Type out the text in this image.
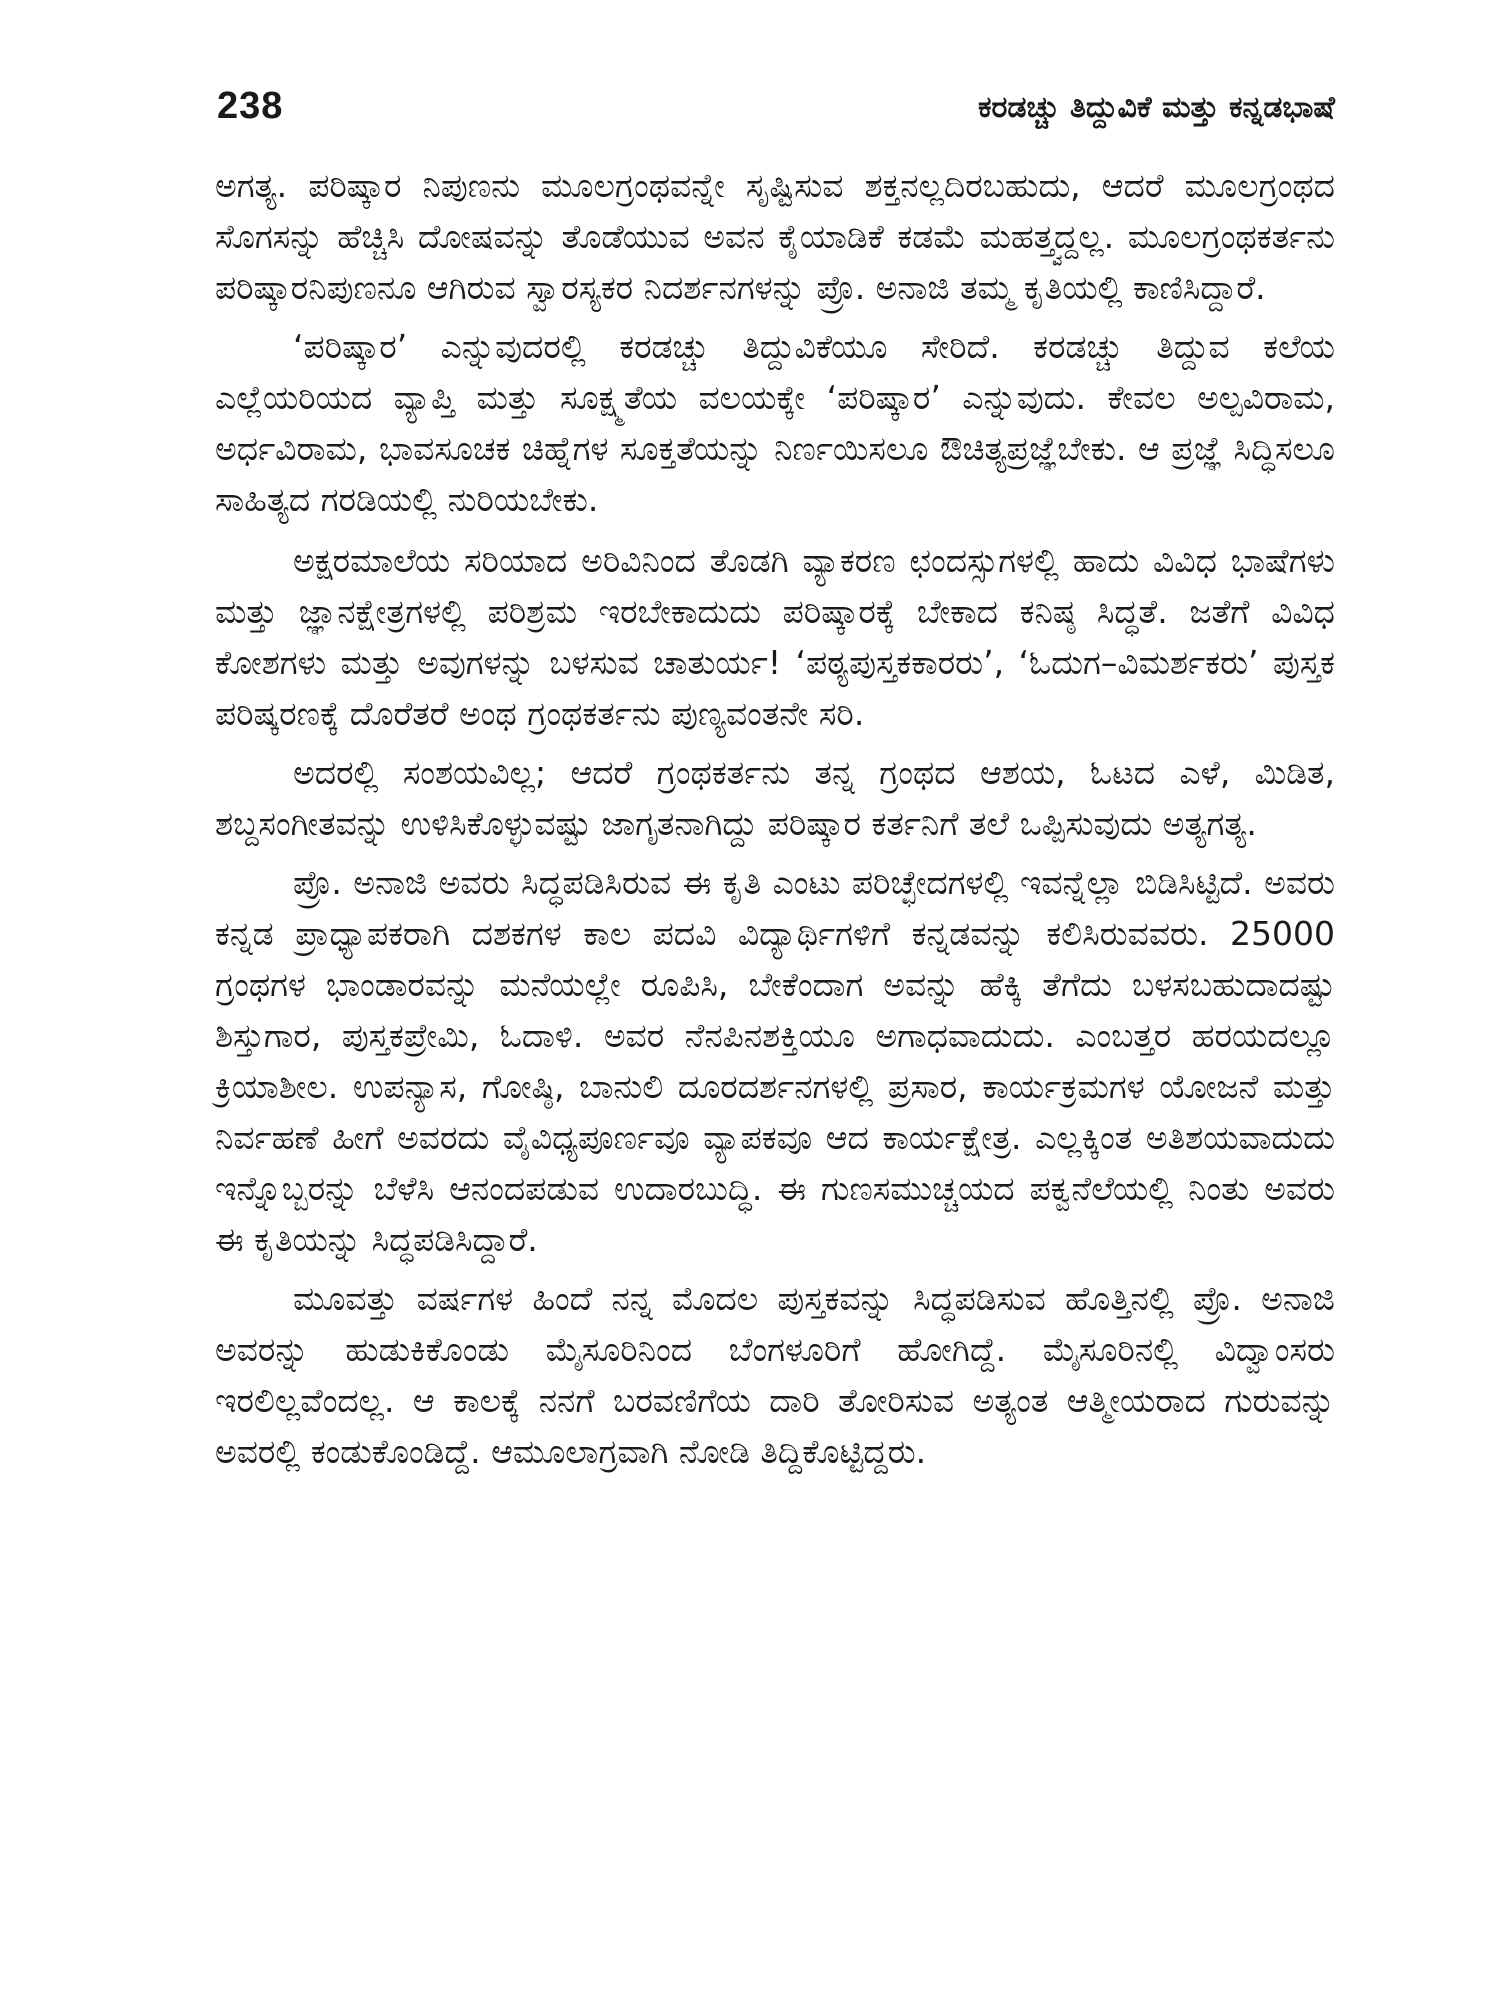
238	ಕರಡಚ್ಚು ತಿದ್ದುವಿಕೆ ಮತ್ತು ಕನ್ನಡಭಾಷೆ

ಅಗತ್ಯ. ಪರಿಷ್ಕಾರ ನಿಪುಣನು ಮೂಲಗ್ರಂಥವನ್ನೇ ಸೃಷ್ಟಿಸುವ ಶಕ್ತನಲ್ಲದಿರಬಹುದು, ಆದರೆ ಮೂಲಗ್ರಂಥದ ಸೊಗಸನ್ನು ಹೆಚ್ಚಿಸಿ ದೋಷವನ್ನು ತೊಡೆಯುವ ಅವನ ಕೈಯಾಡಿಕೆ ಕಡಮೆ ಮಹತ್ತ್ವದ್ದಲ್ಲ. ಮೂಲಗ್ರಂಥಕರ್ತನು ಪರಿಷ್ಕಾರನಿಪುಣನೂ ಆಗಿರುವ ಸ್ವಾರಸ್ಯಕರ ನಿದರ್ಶನಗಳನ್ನು ಪ್ರೊ. ಅನಾಜಿ ತಮ್ಮ ಕೃತಿಯಲ್ಲಿ ಕಾಣಿಸಿದ್ದಾರೆ.

‘ಪರಿಷ್ಕಾರ’ ಎನ್ನುವುದರಲ್ಲಿ ಕರಡಚ್ಚು ತಿದ್ದುವಿಕೆಯೂ ಸೇರಿದೆ. ಕರಡಚ್ಚು ತಿದ್ದುವ ಕಲೆಯ ಎಲ್ಲೆಯರಿಯದ ವ್ಯಾಪ್ತಿ ಮತ್ತು ಸೂಕ್ಷ್ಮತೆಯ ವಲಯಕ್ಕೇ ‘ಪರಿಷ್ಕಾರ’ ಎನ್ನುವುದು. ಕೇವಲ ಅಲ್ಪವಿರಾಮ, ಅರ್ಧವಿರಾಮ, ಭಾವಸೂಚಕ ಚಿಹ್ನೆಗಳ ಸೂಕ್ತತೆಯನ್ನು ನಿರ್ಣಯಿಸಲೂ ಔಚಿತ್ಯಪ್ರಜ್ಞೆಬೇಕು. ಆ ಪ್ರಜ್ಞೆ ಸಿದ್ಧಿಸಲೂ ಸಾಹಿತ್ಯದ ಗರಡಿಯಲ್ಲಿ ನುರಿಯಬೇಕು.

ಅಕ್ಷರಮಾಲೆಯ ಸರಿಯಾದ ಅರಿವಿನಿಂದ ತೊಡಗಿ ವ್ಯಾಕರಣ ಛಂದಸ್ಸುಗಳಲ್ಲಿ ಹಾದು ವಿವಿಧ ಭಾಷೆಗಳು ಮತ್ತು ಜ್ಞಾನಕ್ಷೇತ್ರಗಳಲ್ಲಿ ಪರಿಶ್ರಮ ಇರಬೇಕಾದುದು ಪರಿಷ್ಕಾರಕ್ಕೆ ಬೇಕಾದ ಕನಿಷ್ಠ ಸಿದ್ಧತೆ. ಜತೆಗೆ ವಿವಿಧ ಕೋಶಗಳು ಮತ್ತು ಅವುಗಳನ್ನು ಬಳಸುವ ಚಾತುರ್ಯ! ‘ಪಠ್ಯಪುಸ್ತಕಕಾರರು’, ‘ಓದುಗ–ವಿಮರ್ಶಕರು’ ಪುಸ್ತಕ ಪರಿಷ್ಕರಣಕ್ಕೆ ದೊರೆತರೆ ಅಂಥ ಗ್ರಂಥಕರ್ತನು ಪುಣ್ಯವಂತನೇ ಸರಿ.

ಅದರಲ್ಲಿ ಸಂಶಯವಿಲ್ಲ; ಆದರೆ ಗ್ರಂಥಕರ್ತನು ತನ್ನ ಗ್ರಂಥದ ಆಶಯ, ಓಟದ ಎಳೆ, ಮಿಡಿತ, ಶಬ್ದಸಂಗೀತವನ್ನು ಉಳಿಸಿಕೊಳ್ಳುವಷ್ಟು ಜಾಗೃತನಾಗಿದ್ದು ಪರಿಷ್ಕಾರ ಕರ್ತನಿಗೆ ತಲೆ ಒಪ್ಪಿಸುವುದು ಅತ್ಯಗತ್ಯ.

ಪ್ರೊ. ಅನಾಜಿ ಅವರು ಸಿದ್ಧಪಡಿಸಿರುವ ಈ ಕೃತಿ ಎಂಟು ಪರಿಚ್ಛೇದಗಳಲ್ಲಿ ಇವನ್ನೆಲ್ಲಾ ಬಿಡಿಸಿಟ್ಟಿದೆ. ಅವರು ಕನ್ನಡ ಪ್ರಾಧ್ಯಾಪಕರಾಗಿ ದಶಕಗಳ ಕಾಲ ಪದವಿ ವಿದ್ಯಾರ್ಥಿಗಳಿಗೆ ಕನ್ನಡವನ್ನು ಕಲಿಸಿರುವವರು. 25000 ಗ್ರಂಥಗಳ ಭಾಂಡಾರವನ್ನು ಮನೆಯಲ್ಲೇ ರೂಪಿಸಿ, ಬೇಕೆಂದಾಗ ಅವನ್ನು ಹೆಕ್ಕಿ ತೆಗೆದು ಬಳಸಬಹುದಾದಷ್ಟು ಶಿಸ್ತುಗಾರ, ಪುಸ್ತಕಪ್ರೇಮಿ, ಓದಾಳಿ. ಅವರ ನೆನಪಿನಶಕ್ತಿಯೂ ಅಗಾಧವಾದುದು. ಎಂಬತ್ತರ ಹರಯದಲ್ಲೂ ಕ್ರಿಯಾಶೀಲ. ಉಪನ್ಯಾಸ, ಗೋಷ್ಠಿ, ಬಾನುಲಿ ದೂರದರ್ಶನಗಳಲ್ಲಿ ಪ್ರಸಾರ, ಕಾರ್ಯಕ್ರಮಗಳ ಯೋಜನೆ ಮತ್ತು ನಿರ್ವಹಣೆ ಹೀಗೆ ಅವರದು ವೈವಿಧ್ಯಪೂರ್ಣವೂ ವ್ಯಾಪಕವೂ ಆದ ಕಾರ್ಯಕ್ಷೇತ್ರ. ಎಲ್ಲಕ್ಕಿಂತ ಅತಿಶಯವಾದುದು ಇನ್ನೊಬ್ಬರನ್ನು ಬೆಳೆಸಿ ಆನಂದಪಡುವ ಉದಾರಬುದ್ಧಿ. ಈ ಗುಣಸಮುಚ್ಚಯದ ಪಕ್ವನೆಲೆಯಲ್ಲಿ ನಿಂತು ಅವರು ಈ ಕೃತಿಯನ್ನು ಸಿದ್ಧಪಡಿಸಿದ್ದಾರೆ.

ಮೂವತ್ತು ವರ್ಷಗಳ ಹಿಂದೆ ನನ್ನ ಮೊದಲ ಪುಸ್ತಕವನ್ನು ಸಿದ್ಧಪಡಿಸುವ ಹೊತ್ತಿನಲ್ಲಿ ಪ್ರೊ. ಅನಾಜಿ ಅವರನ್ನು ಹುಡುಕಿಕೊಂಡು ಮೈಸೂರಿನಿಂದ ಬೆಂಗಳೂರಿಗೆ ಹೋಗಿದ್ದೆ. ಮೈಸೂರಿನಲ್ಲಿ ವಿದ್ವಾಂಸರು ಇರಲಿಲ್ಲವೆಂದಲ್ಲ. ಆ ಕಾಲಕ್ಕೆ ನನಗೆ ಬರವಣಿಗೆಯ ದಾರಿ ತೋರಿಸುವ ಅತ್ಯಂತ ಆತ್ಮೀಯರಾದ ಗುರುವನ್ನು ಅವರಲ್ಲಿ ಕಂಡುಕೊಂಡಿದ್ದೆ. ಆಮೂಲಾಗ್ರವಾಗಿ ನೋಡಿ ತಿದ್ದಿಕೊಟ್ಟಿದ್ದರು.
